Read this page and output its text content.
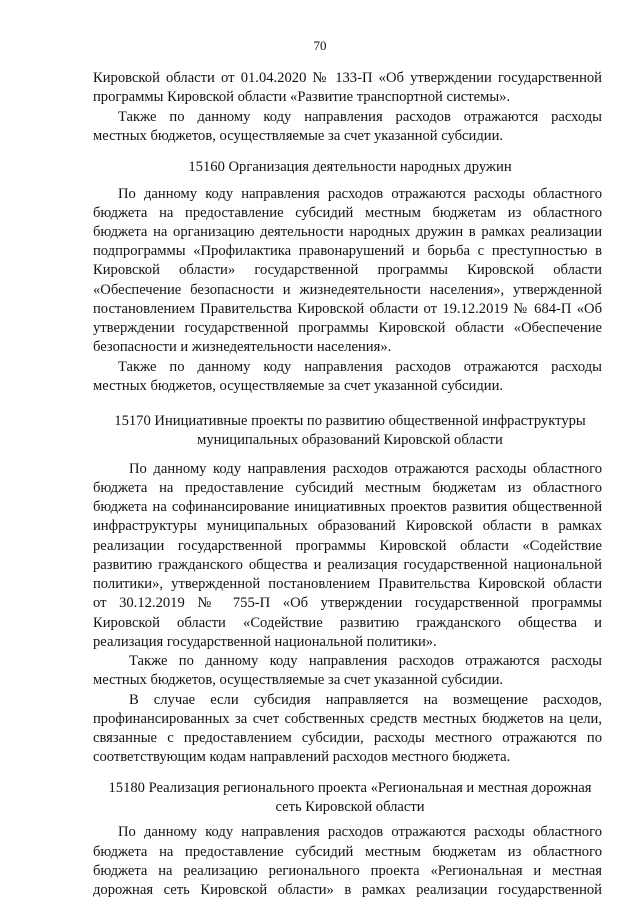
70
Кировской области от 01.04.2020 № 133-П «Об утверждении государственной
программы Кировской области «Развитие транспортной системы».
Также по данному коду направления расходов отражаются расходы
местных бюджетов, осуществляемые за счет указанной субсидии.
15160 Организация деятельности народных дружин
По данному коду направления расходов отражаются расходы областного
бюджета на предоставление субсидий местным бюджетам из областного
бюджета на организацию деятельности народных дружин в рамках реализации
подпрограммы «Профилактика правонарушений и борьба с преступностью в
Кировской области» государственной программы Кировской области
«Обеспечение безопасности и жизнедеятельности населения», утвержденной
постановлением Правительства Кировской области от 19.12.2019 № 684-П «Об
утверждении государственной программы Кировской области «Обеспечение
безопасности и жизнедеятельности населения».
Также по данному коду направления расходов отражаются расходы
местных бюджетов, осуществляемые за счет указанной субсидии.
15170 Инициативные проекты по развитию общественной инфраструктуры
муниципальных образований Кировской области
По данному коду направления расходов отражаются расходы областного
бюджета на предоставление субсидий местным бюджетам из областного
бюджета на софинансирование инициативных проектов развития общественной
инфраструктуры муниципальных образований Кировской области в рамках
реализации государственной программы Кировской области «Содействие
развитию гражданского общества и реализация государственной национальной
политики», утвержденной постановлением Правительства Кировской области
от 30.12.2019 № 755-П «Об утверждении государственной программы
Кировской области «Содействие развитию гражданского общества и
реализация государственной национальной политики».
Также по данному коду направления расходов отражаются расходы
местных бюджетов, осуществляемые за счет указанной субсидии.
В случае если субсидия направляется на возмещение расходов,
профинансированных за счет собственных средств местных бюджетов на цели,
связанные с предоставлением субсидии, расходы местного отражаются по
соответствующим кодам направлений расходов местного бюджета.
15180 Реализация регионального проекта «Региональная и местная дорожная
сеть Кировской области
По данному коду направления расходов отражаются расходы областного
бюджета на предоставление субсидий местным бюджетам из областного
бюджета на реализацию регионального проекта «Региональная и местная
дорожная сеть Кировской области» в рамках реализации государственной
